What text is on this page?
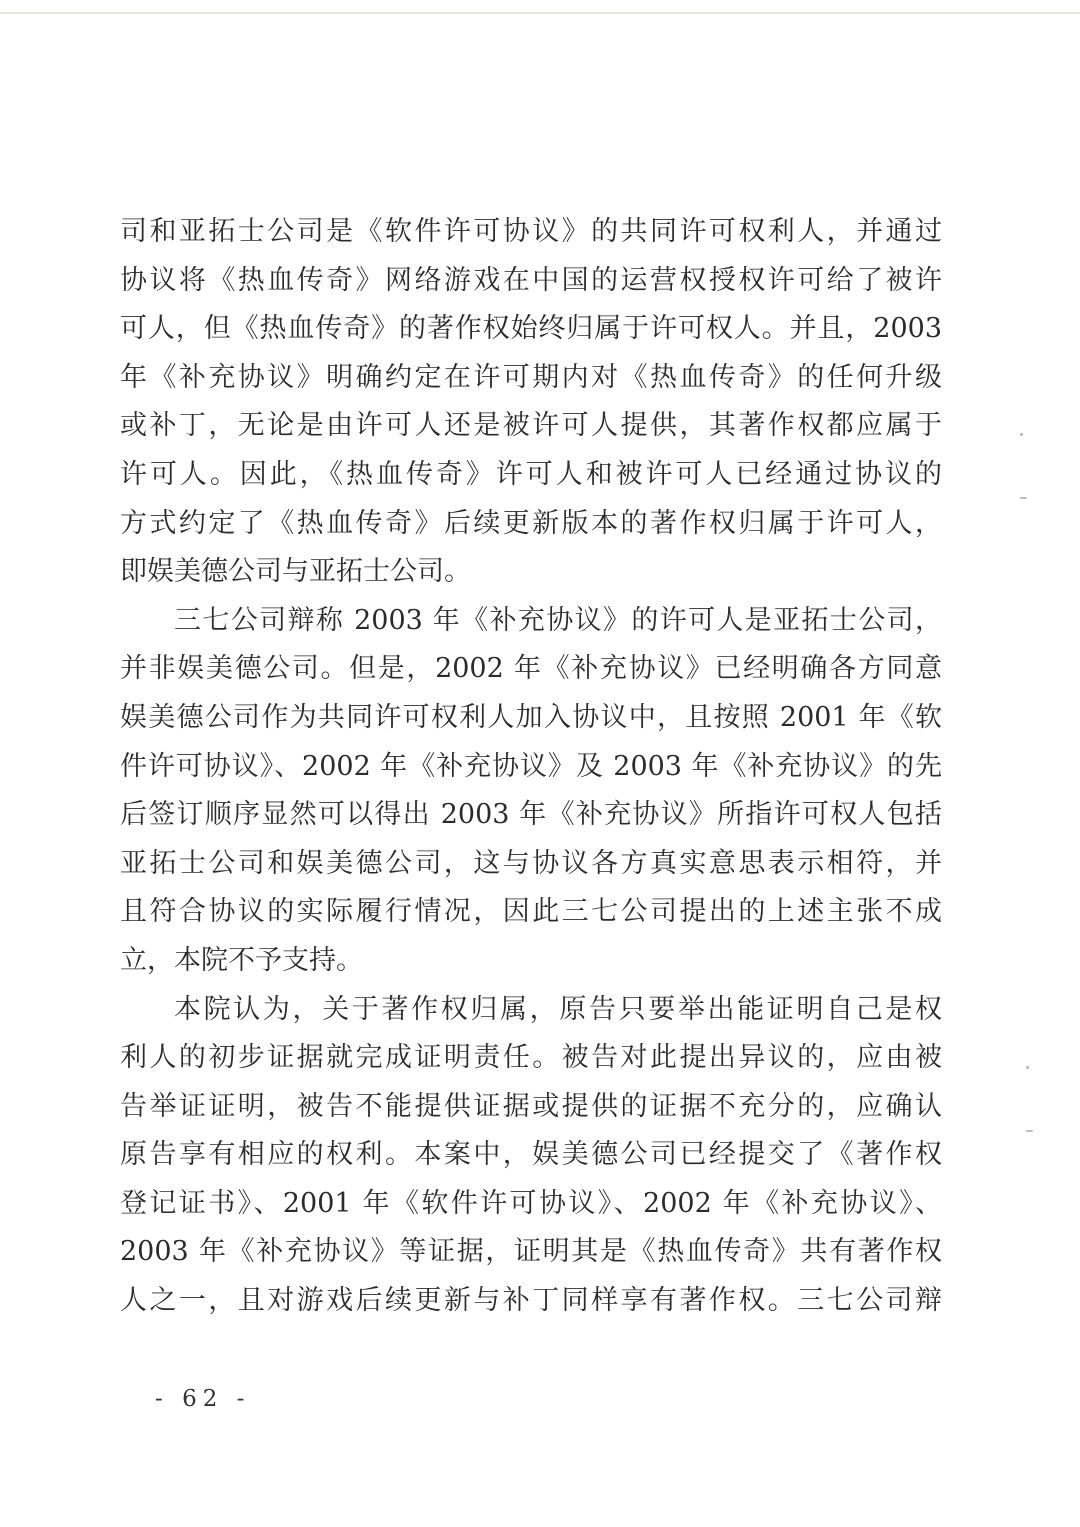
司和亚拓士公司是《软件许可协议》的共同许可权利人，并通过
协议将《热血传奇》网络游戏在中国的运营权授权许可给了被许
可人，但《热血传奇》的著作权始终归属于许可权人。并且，2003
年《补充协议》明确约定在许可期内对《热血传奇》的任何升级
或补丁，无论是由许可人还是被许可人提供，其著作权都应属于
许可人。因此，《热血传奇》许可人和被许可人已经通过协议的
方式约定了《热血传奇》后续更新版本的著作权归属于许可人，
即娱美德公司与亚拓士公司。
三七公司辩称 2003 年《补充协议》的许可人是亚拓士公司，
并非娱美德公司。但是，2002 年《补充协议》已经明确各方同意
娱美德公司作为共同许可权利人加入协议中，且按照 2001 年《软
件许可协议》、2002 年《补充协议》及 2003 年《补充协议》的先
后签订顺序显然可以得出 2003 年《补充协议》所指许可权人包括
亚拓士公司和娱美德公司，这与协议各方真实意思表示相符，并
且符合协议的实际履行情况，因此三七公司提出的上述主张不成
立，本院不予支持。
本院认为，关于著作权归属，原告只要举出能证明自己是权
利人的初步证据就完成证明责任。被告对此提出异议的，应由被
告举证证明，被告不能提供证据或提供的证据不充分的，应确认
原告享有相应的权利。本案中，娱美德公司已经提交了《著作权
登记证书》、2001 年《软件许可协议》、2002 年《补充协议》、
2003 年《补充协议》等证据，证明其是《热血传奇》共有著作权
人之一，且对游戏后续更新与补丁同样享有著作权。三七公司辩
- 62 -
